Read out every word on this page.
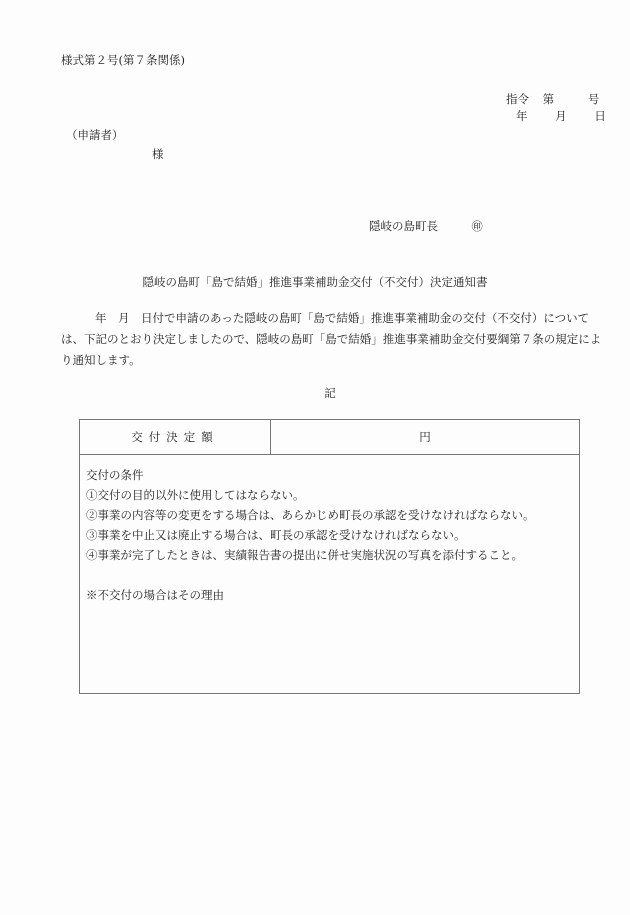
様式第２号(第７条関係)
指令 第	号
年 月 日
（申請者）
様
隠岐の島町長	㊞
隠岐の島町「島で結婚」推進事業補助金交付（不交付）決定通知書
年　月　日付で申請のあった隠岐の島町「島で結婚」推進事業補助金の交付（不交付）については、下記のとおり決定しましたので、隠岐の島町「島で結婚」推進事業補助金交付要綱第７条の規定により通知します。
記
交付決定額	円

交付の条件
①交付の目的以外に使用してはならない。
②事業の内容等の変更をする場合は、あらかじめ町長の承認を受けなければならない。
③事業を中止又は廃止する場合は、町長の承認を受けなければならない。
④事業が完了したときは、実績報告書の提出に併せ実施状況の写真を添付すること。
※不交付の場合はその理由
